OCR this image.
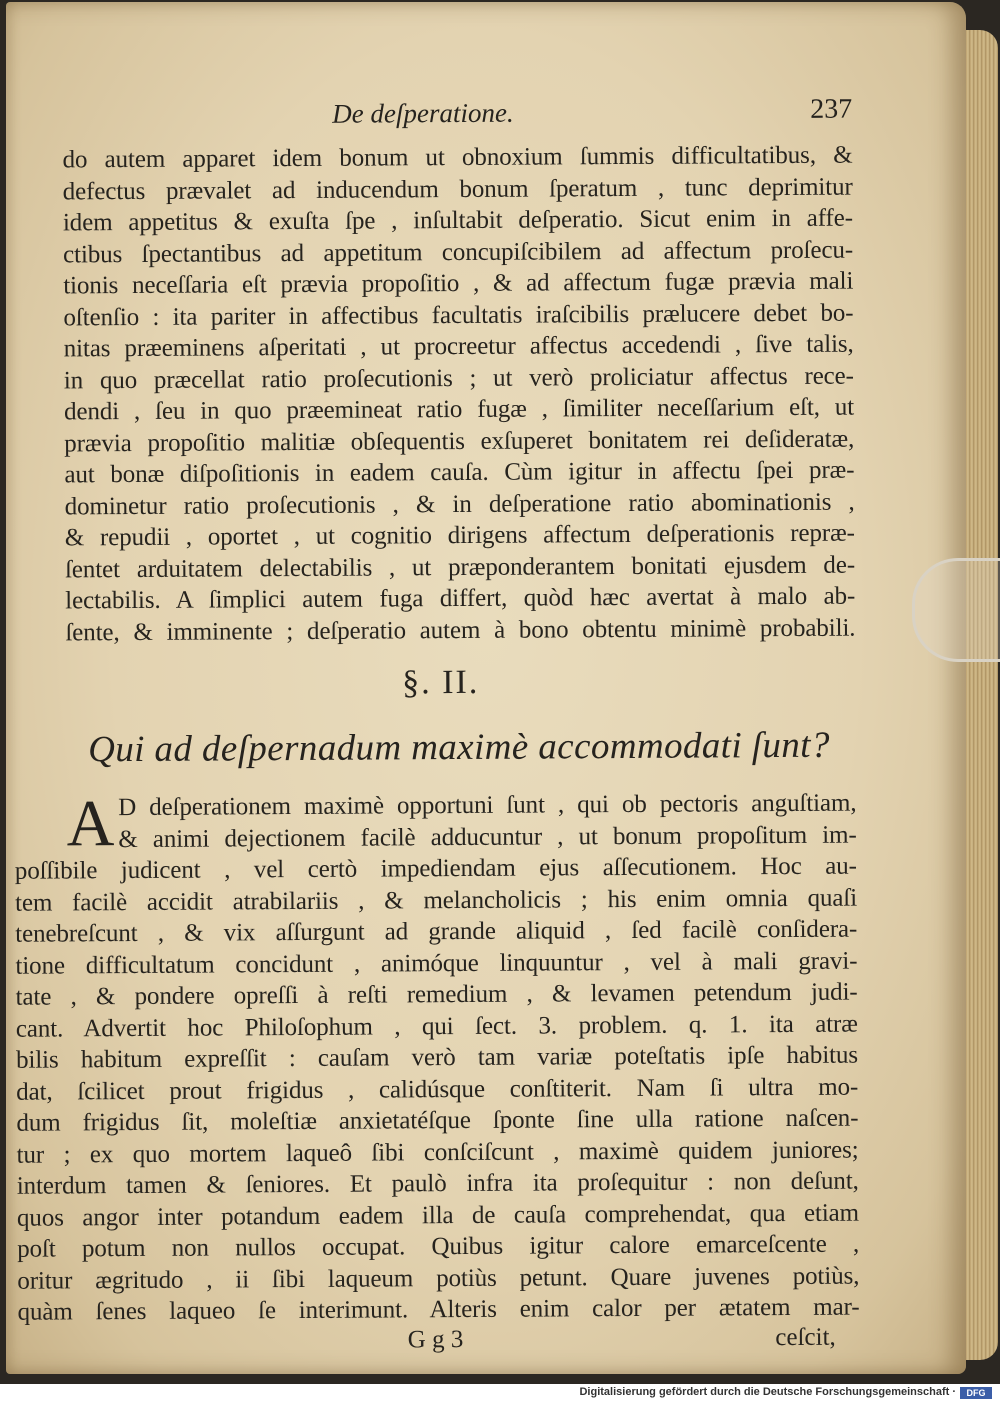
De deſperatione.	237
do autem apparet idem bonum ut obnoxium ſummis difficultatibus, &
defectus prævalet ad inducendum bonum ſperatum , tunc deprimitur
idem appetitus & exuſta ſpe , inſultabit deſperatio. Sicut enim in affe-
ctibus ſpectantibus ad appetitum concupiſcibilem ad affectum proſecu-
tionis neceſſaria eſt prævia propoſitio , & ad affectum fugæ prævia mali
oſtenſio : ita pariter in affectibus facultatis iraſcibilis prælucere debet bo-
nitas præeminens aſperitati , ut procreetur affectus accedendi , ſive talis,
in quo præcellat ratio proſecutionis ; ut verò proliciatur affectus rece-
dendi , ſeu in quo præemineat ratio fugæ , ſimiliter neceſſarium eſt, ut
prævia propoſitio malitiæ obſequentis exſuperet bonitatem rei deſideratæ,
aut bonæ diſpoſitionis in eadem cauſa. Cùm igitur in affectu ſpei præ-
dominetur ratio proſecutionis , & in deſperatione ratio abominationis ,
& repudii , oportet , ut cognitio dirigens affectum deſperationis repræ-
ſentet arduitatem delectabilis , ut præponderantem bonitati ejusdem de-
lectabilis. A ſimplici autem fuga differt, quòd hæc avertat à malo ab-
ſente, & imminente ; deſperatio autem à bono obtentu minimè probabili.
§. II.
Qui ad deſpernadum maximè accommodati ſunt?
A D deſperationem maximè opportuni ſunt , qui ob pectoris anguſtiam,
& animi dejectionem facilè adducuntur , ut bonum propoſitum im-
poſſibile judicent , vel certò impediendam ejus aſſecutionem. Hoc au-
tem facilè accidit atrabilariis , & melancholicis ; his enim omnia quaſi
tenebreſcunt , & vix aſſurgunt ad grande aliquid , ſed facilè conſidera-
tione difficultatum concidunt , animóque linquuntur , vel à mali gravi-
tate , & pondere opreſſi à reſti remedium , & levamen petendum judi-
cant. Advertit hoc Philoſophum , qui ſect. 3. problem. q. 1. ita atræ
bilis habitum expreſſit : cauſam verò tam variæ poteſtatis ipſe habitus
dat, ſcilicet prout frigidus , calidúsque conſtiterit. Nam ſi ultra mo-
dum frigidus ſit, moleſtiæ anxietatéſque ſponte ſine ulla ratione naſcen-
tur ; ex quo mortem laqueô ſibi conſciſcunt , maximè quidem juniores;
interdum tamen & ſeniores. Et paulò infra ita proſequitur : non deſunt,
quos angor inter potandum eadem illa de cauſa comprehendat, qua etiam
poſt potum non nullos occupat. Quibus igitur calore emarceſcente ,
oritur ægritudo , ii ſibi laqueum potiùs petunt. Quare juvenes potiùs,
quàm ſenes laqueo ſe interimunt. Alteris enim calor per ætatem mar-
G g 3	ceſcit,
Digitalisierung gefördert durch die Deutsche Forschungsgemeinschaft ·	DFG
